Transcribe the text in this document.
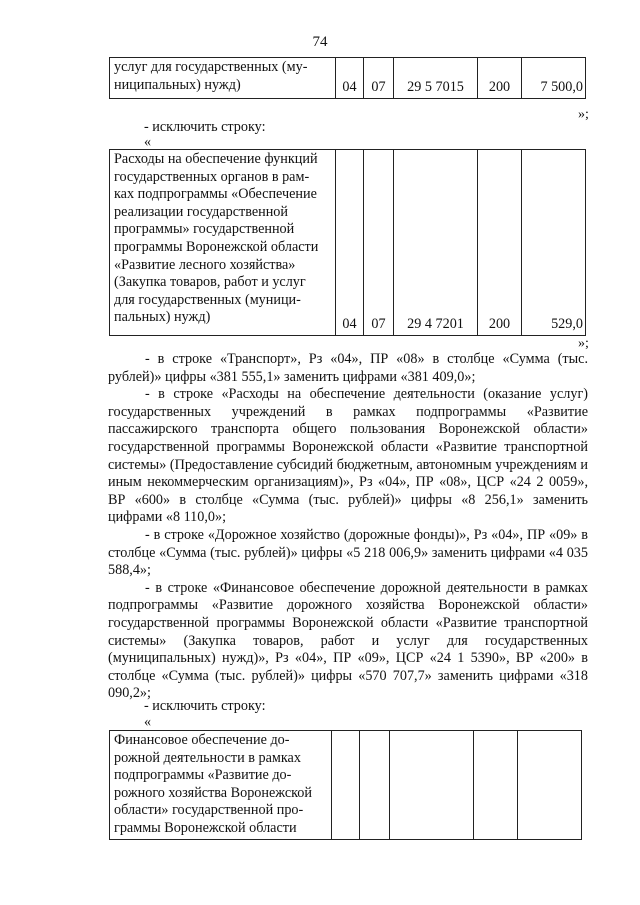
74
услуг для государственных (му-
ниципальных) нужд)	04	07	29 5 7015	200	7 500,0
»;
- исключить строку:
«
Расходы на обеспечение функций
государственных органов в рам-
ках подпрограммы «Обеспечение
реализации государственной
программы» государственной
программы Воронежской области
«Развитие лесного хозяйства»
(Закупка товаров, работ и услуг
для государственных (муници-
пальных) нужд)	04	07	29 4 7201	200	529,0
»;

- в строке «Транспорт», Рз «04», ПР «08» в столбце «Сумма (тыс. рублей)» цифры «381 555,1» заменить цифрами «381 409,0»;

- в строке «Расходы на обеспечение деятельности (оказание услуг) государственных учреждений в рамках подпрограммы «Развитие пассажирского транспорта общего пользования Воронежской области» государственной программы Воронежской области «Развитие транспортной системы» (Предоставление субсидий бюджетным, автономным учреждениям и иным некоммерческим организациям)», Рз «04», ПР «08», ЦСР «24 2 0059», ВР «600» в столбце «Сумма (тыс. рублей)» цифры «8 256,1» заменить цифрами «8 110,0»;

- в строке «Дорожное хозяйство (дорожные фонды)», Рз «04», ПР «09» в столбце «Сумма (тыс. рублей)» цифры «5 218 006,9» заменить цифрами «4 035 588,4»;

- в строке «Финансовое обеспечение дорожной деятельности в рамках подпрограммы «Развитие дорожного хозяйства Воронежской области» государственной программы Воронежской области «Развитие транспортной системы» (Закупка товаров, работ и услуг для государственных (муниципальных) нужд)», Рз «04», ПР «09», ЦСР «24 1 5390», ВР «200» в столбце «Сумма (тыс. рублей)» цифры «570 707,7» заменить цифрами «318 090,2»;

- исключить строку:
«
Финансовое обеспечение до-
рожной деятельности в рамках
подпрограммы «Развитие до-
рожного хозяйства Воронежской
области» государственной про-
граммы Воронежской области					
